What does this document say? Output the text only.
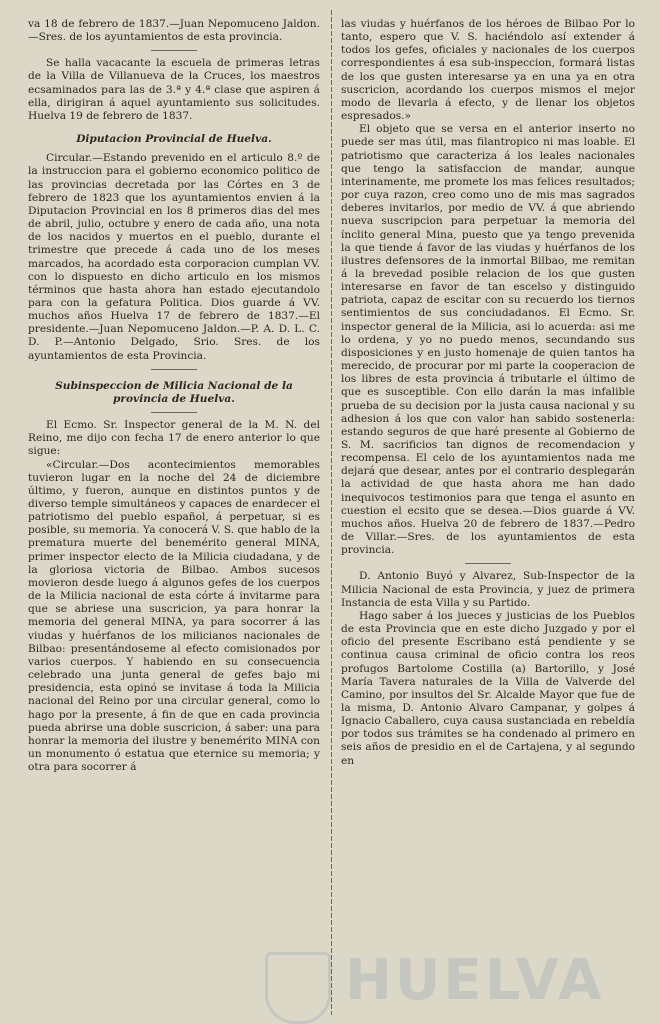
va 18 de febrero de 1837.—Juan Nepomuceno Jaldon.—Sres. de los ayuntamientos de esta provincia.

Se halla vacacante la escuela de primeras letras de la Villa de Villanueva de la Cruces, los maestros ecsaminados para las de 3.ª y 4.ª clase que aspiren á ella, dirigiran á aquel ayuntamiento sus solicitudes. Huelva 19 de febrero de 1837.

Diputacion Provincial de Huelva.

Circular.—Estando prevenido en el articulo 8.º de la instruccion para el gobierno economico politico de las provincias decretada por las Córtes en 3 de febrero de 1823 que los ayuntamientos envien á la Diputacion Provincial en los 8 primeros dias del mes de abril, julio, octubre y enero de cada año, una nota de los nacidos y muertos en el pueblo, durante el trimestre que precede á cada uno de los meses marcados, ha acordado esta corporacion cumplan VV. con lo dispuesto en dicho articulo en los mismos términos que hasta ahora han estado ejecutandolo para con la gefatura Politica. Dios guarde á VV. muchos años Huelva 17 de febrero de 1837.—El presidente.—Juan Nepomuceno Jaldon.—P. A. D. L. C. D. P.—Antonio Delgado, Srio. Sres. de los ayuntamientos de esta Provincia.

Subinspeccion de Milicia Nacional de la provincia de Huelva.

El Ecmo. Sr. Inspector general de la M. N. del Reino, me dijo con fecha 17 de enero anterior lo que sigue:

«Circular.—Dos acontecimientos memorables tuvieron lugar en la noche del 24 de diciembre último, y fueron, aunque en distintos puntos y de diverso temple simultáneos y capaces de enardecer el patriotismo del pueblo español, á perpetuar, si es posible, su memoria. Ya conocerá V. S. que hablo de la prematura muerte del benemérito general MINA, primer inspector electo de la Milicia ciudadana, y de la gloriosa victoria de Bilbao. Ambos sucesos movieron desde luego á algunos gefes de los cuerpos de la Milicia nacional de esta córte á invitarme para que se abriese una suscricion, ya para honrar la memoria del general MINA, ya para socorrer á las viudas y huérfanos de los milicianos nacionales de Bilbao: presentándoseme al efecto comisionados por varios cuerpos. Y habiendo en su consecuencia celebrado una junta general de gefes bajo mi presidencia, esta opinó se invitase á toda la Milicia nacional del Reino por una circular general, como lo hago por la presente, á fin de que en cada provincia pueda abrirse una doble suscricion, á saber: una para honrar la memoria del ilustre y benemérito MINA con un monumento ó estatua que eternice su memoria; y otra para socorrer á

las viudas y huérfanos de los héroes de Bilbao Por lo tanto, espero que V. S. haciéndolo así extender á todos los gefes, oficiales y nacionales de los cuerpos correspondientes á esa sub-inspeccion, formará listas de los que gusten interesarse ya en una ya en otra suscricion, acordando los cuerpos mismos el mejor modo de llevarla á efecto, y de llenar los objetos espresados.»

El objeto que se versa en el anterior inserto no puede ser mas útil, mas filantropico ni mas loable. El patriotismo que caracteriza á los leales nacionales que tengo la satisfaccion de mandar, aunque interinamente, me promete los mas felices resultados; por cuya razon, creo como uno de mis mas sagrados deberes invitarlos, por medio de VV. á que abriendo nueva suscripcion para perpetuar la memoria del ínclito general Mina, puesto que ya tengo prevenida la que tiende á favor de las viudas y huérfanos de los ilustres defensores de la inmortal Bilbao, me remitan á la brevedad posible relacion de los que gusten interesarse en favor de tan escelso y distinguido patriota, capaz de escitar con su recuerdo los tiernos sentimientos de sus conciudadanos. El Ecmo. Sr. inspector general de la Milicia, asi lo acuerda: asi me lo ordena, y yo no puedo menos, secundando sus disposiciones y en justo homenaje de quien tantos ha merecido, de procurar por mi parte la cooperacion de los libres de esta provincia á tributarle el último de que es susceptible. Con ello darán la mas infalible prueba de su decision por la justa causa nacional y su adhesion á los que con valor han sabido sostenerla: estando seguros de que haré presente al Gobierno de S. M. sacrificios tan dignos de recomendacion y recompensa. El celo de los ayuntamientos nada me dejará que desear, antes por el contrario desplegarán la actividad de que hasta ahora me han dado inequivocos testimonios para que tenga el asunto en cuestion el ecsito que se desea.—Dios guarde á VV. muchos años. Huelva 20 de febrero de 1837.—Pedro de Villar.—Sres. de los ayuntamientos de esta provincia.

D. Antonio Buyó y Alvarez, Sub-Inspector de la Milicia Nacional de esta Provincia, y juez de primera Instancia de esta Villa y su Partido.

Hago saber á los jueces y justicias de los Pueblos de esta Provincia que en este dicho Juzgado y por el oficio del presente Escribano está pendiente y se continua causa criminal de oficio contra los reos profugos Bartolome Costilla (a) Bartorillo, y José María Tavera naturales de la Villa de Valverde del Camino, por insultos del Sr. Alcalde Mayor que fue de la misma, D. Antonio Alvaro Campanar, y golpes á Ignacio Caballero, cuya causa sustanciada en rebeldía por todos sus trámites se ha condenado al primero en seis años de presidio en el de Cartajena, y al segundo en

HUELVA
